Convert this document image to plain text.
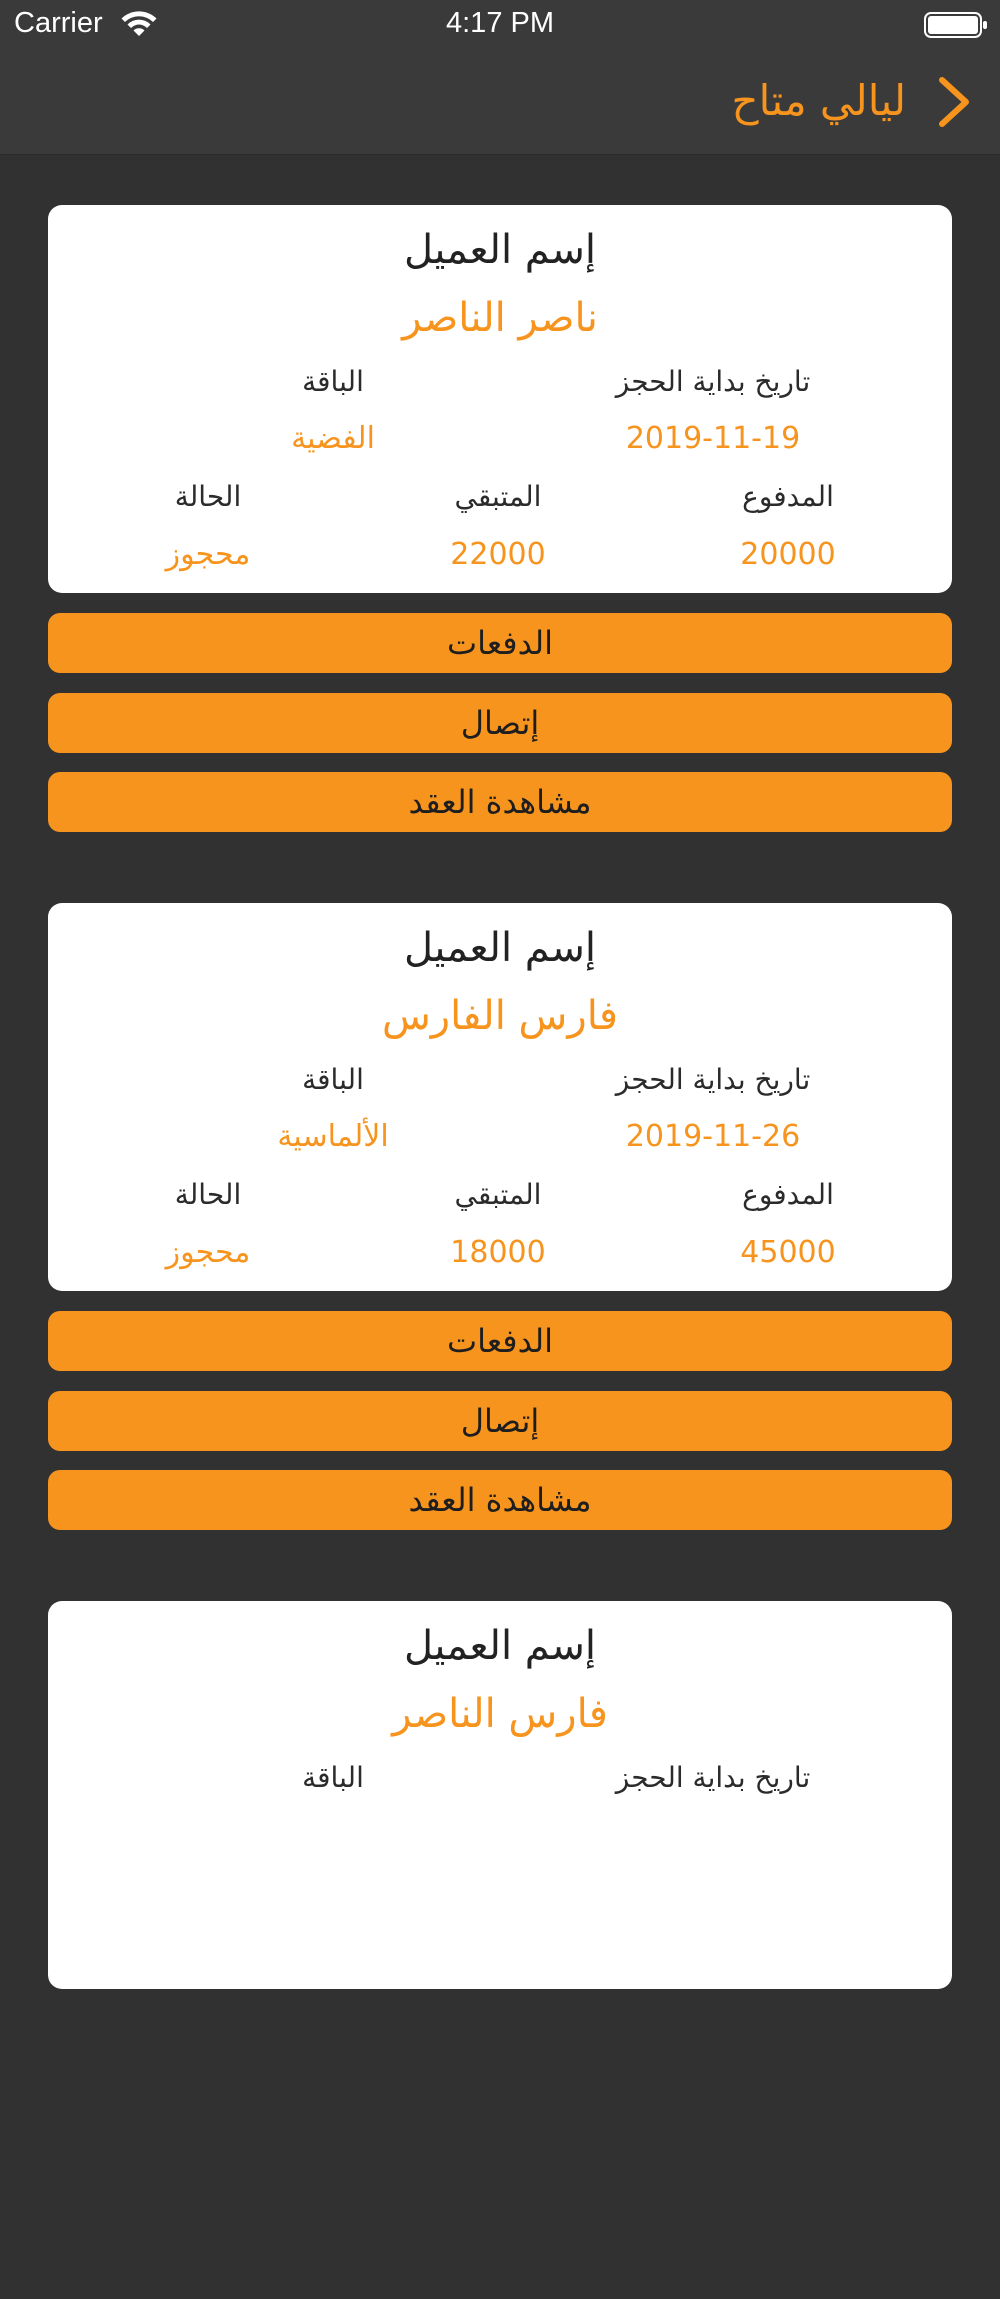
Carrier	4:17 PM
ليالي متاح
إسم العميل
ناصر الناصر
تاريخ بداية الحجز
الباقة
2019-11-19
الفضية
المدفوع
المتبقي
الحالة
20000
22000
محجوز
الدفعات
إتصال
مشاهدة العقد
إسم العميل
فارس الفارس
تاريخ بداية الحجز
الباقة
2019-11-26
الألماسية
المدفوع
المتبقي
الحالة
45000
18000
محجوز
الدفعات
إتصال
مشاهدة العقد
إسم العميل
فارس الناصر
تاريخ بداية الحجز
الباقة
